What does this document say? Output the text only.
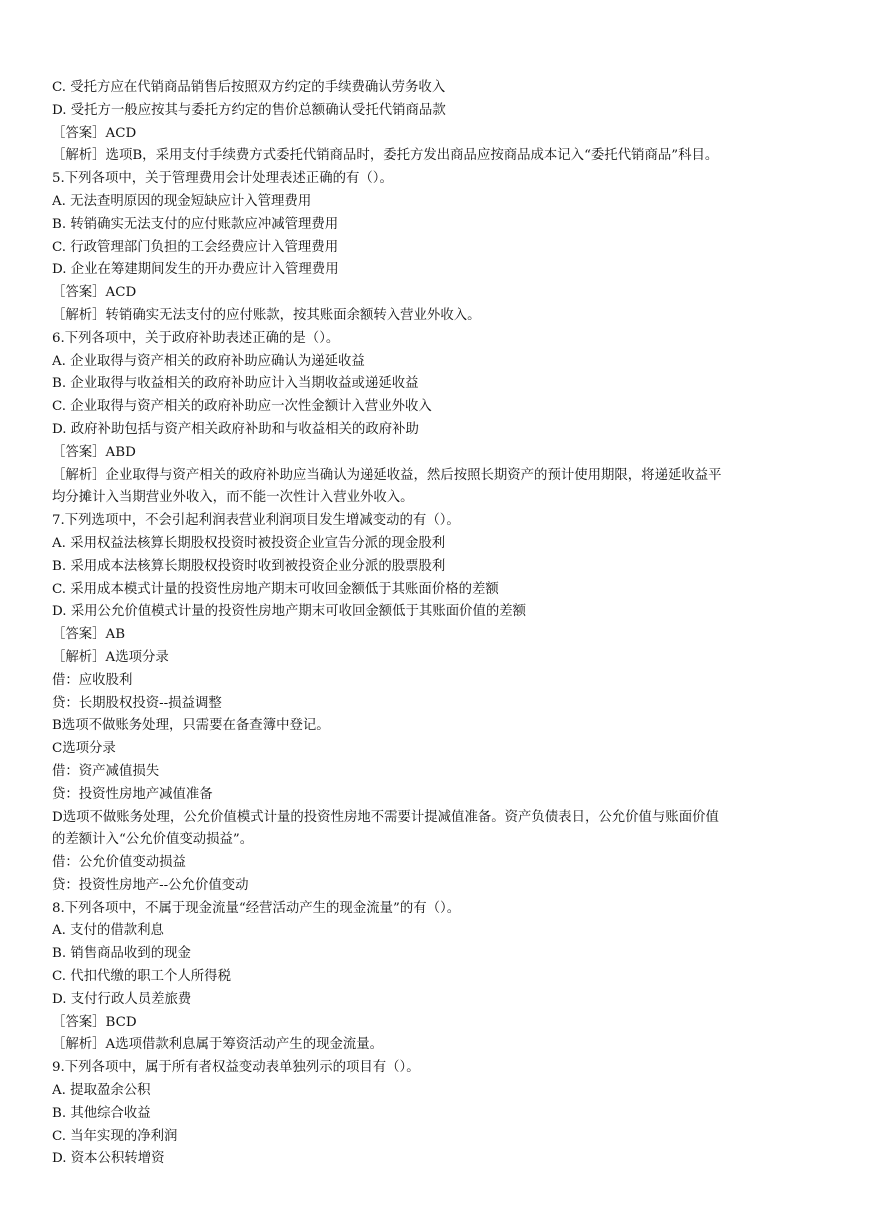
C. 受托方应在代销商品销售后按照双方约定的手续费确认劳务收入
D. 受托方一般应按其与委托方约定的售价总额确认受托代销商品款
［答案］ACD
［解析］选项B，采用支付手续费方式委托代销商品时，委托方发出商品应按商品成本记入“委托代销商品”科目。
5.下列各项中，关于管理费用会计处理表述正确的有（）。
A. 无法查明原因的现金短缺应计入管理费用
B. 转销确实无法支付的应付账款应冲减管理费用
C. 行政管理部门负担的工会经费应计入管理费用
D. 企业在筹建期间发生的开办费应计入管理费用
［答案］ACD
［解析］转销确实无法支付的应付账款，按其账面余额转入营业外收入。
6.下列各项中，关于政府补助表述正确的是（）。
A. 企业取得与资产相关的政府补助应确认为递延收益
B. 企业取得与收益相关的政府补助应计入当期收益或递延收益
C. 企业取得与资产相关的政府补助应一次性金额计入营业外收入
D. 政府补助包括与资产相关政府补助和与收益相关的政府补助
［答案］ABD
［解析］企业取得与资产相关的政府补助应当确认为递延收益，然后按照长期资产的预计使用期限，将递延收益平
均分摊计入当期营业外收入，而不能一次性计入营业外收入。
7.下列选项中，不会引起利润表营业利润项目发生增减变动的有（）。
A. 采用权益法核算长期股权投资时被投资企业宣告分派的现金股利
B. 采用成本法核算长期股权投资时收到被投资企业分派的股票股利
C. 采用成本模式计量的投资性房地产期末可收回金额低于其账面价格的差额
D. 采用公允价值模式计量的投资性房地产期末可收回金额低于其账面价值的差额
［答案］AB
［解析］A选项分录
借：应收股利
贷：长期股权投资--损益调整
B选项不做账务处理，只需要在备查簿中登记。
C选项分录
借：资产减值损失
贷：投资性房地产减值准备
D选项不做账务处理，公允价值模式计量的投资性房地不需要计提减值准备。资产负债表日，公允价值与账面价值
的差额计入“公允价值变动损益”。
借：公允价值变动损益
贷：投资性房地产--公允价值变动
8.下列各项中，不属于现金流量“经营活动产生的现金流量”的有（）。
A. 支付的借款利息
B. 销售商品收到的现金
C. 代扣代缴的职工个人所得税
D. 支付行政人员差旅费
［答案］BCD
［解析］A选项借款利息属于筹资活动产生的现金流量。
9.下列各项中，属于所有者权益变动表单独列示的项目有（）。
A. 提取盈余公积
B. 其他综合收益
C. 当年实现的净利润
D. 资本公积转增资
